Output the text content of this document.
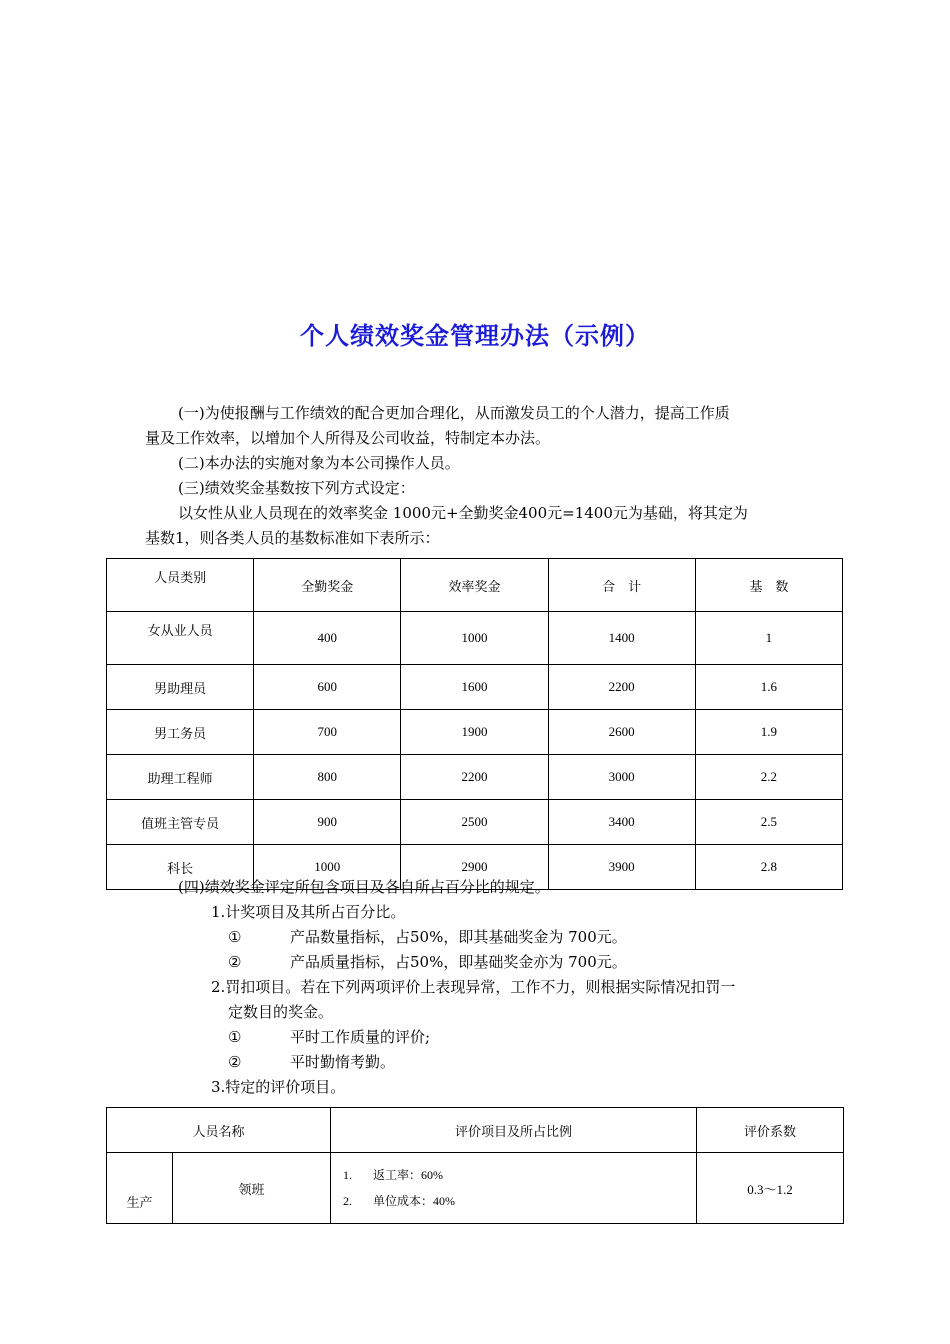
个人绩效奖金管理办法（示例）
(一)为使报酬与工作绩效的配合更加合理化，从而激发员工的个人潜力，提高工作质
量及工作效率，以增加个人所得及公司收益，特制定本办法。
(二)本办法的实施对象为本公司操作人员。
(三)绩效奖金基数按下列方式设定：
以女性从业人员现在的效率奖金 1000元+全勤奖金400元=1400元为基础，将其定为
基数1，则各类人员的基数标准如下表所示：
人员类别	全勤奖金	效率奖金	合　计	基　数
女从业人员	400	1000	1400	1
男助理员	600	1600	2200	1.6
男工务员	700	1900	2600	1.9
助理工程师	800	2200	3000	2.2
值班主管专员	900	2500	3400	2.5
科长	1000	2900	3900	2.8
(四)绩效奖金评定所包含项目及各自所占百分比的规定。
1.计奖项目及其所占百分比。
①	产品数量指标，占50%，即其基础奖金为 700元。
②	产品质量指标，占50%，即基础奖金亦为 700元。
2.罚扣项目。若在下列两项评价上表现异常，工作不力，则根据实际情况扣罚一
定数目的奖金。
①	平时工作质量的评价;
②	平时勤惰考勤。
3.特定的评价项目。
人员名称		评价项目及所占比例	评价系数
生产	领班	1. 返工率：60%
2. 单位成本：40%	0.3～1.2
